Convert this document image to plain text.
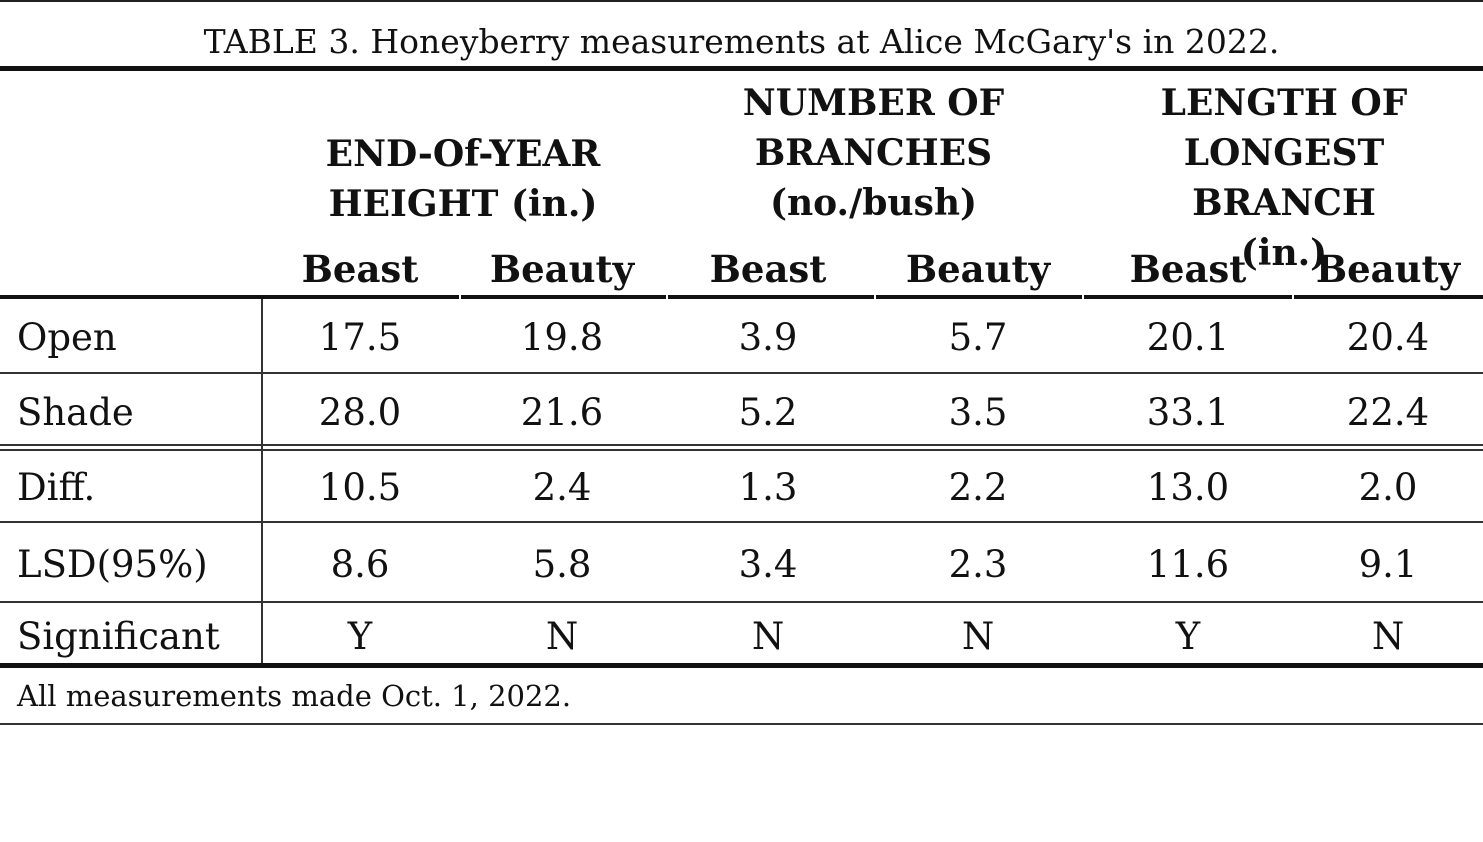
TABLE 3. Honeyberry measurements at Alice McGary's in 2022.
END-Of-YEAR
HEIGHT (in.)
NUMBER OF
BRANCHES
(no./bush)
LENGTH OF
LONGEST BRANCH
(in.)
Beast	Beauty	Beast	Beauty	Beast	Beauty
Open	17.5	19.8	3.9	5.7	20.1	20.4
Shade	28.0	21.6	5.2	3.5	33.1	22.4
Diff.	10.5	2.4	1.3	2.2	13.0	2.0
LSD(95%)	8.6	5.8	3.4	2.3	11.6	9.1
Significant	Y	N	N	N	Y	N
All measurements made Oct. 1, 2022.
